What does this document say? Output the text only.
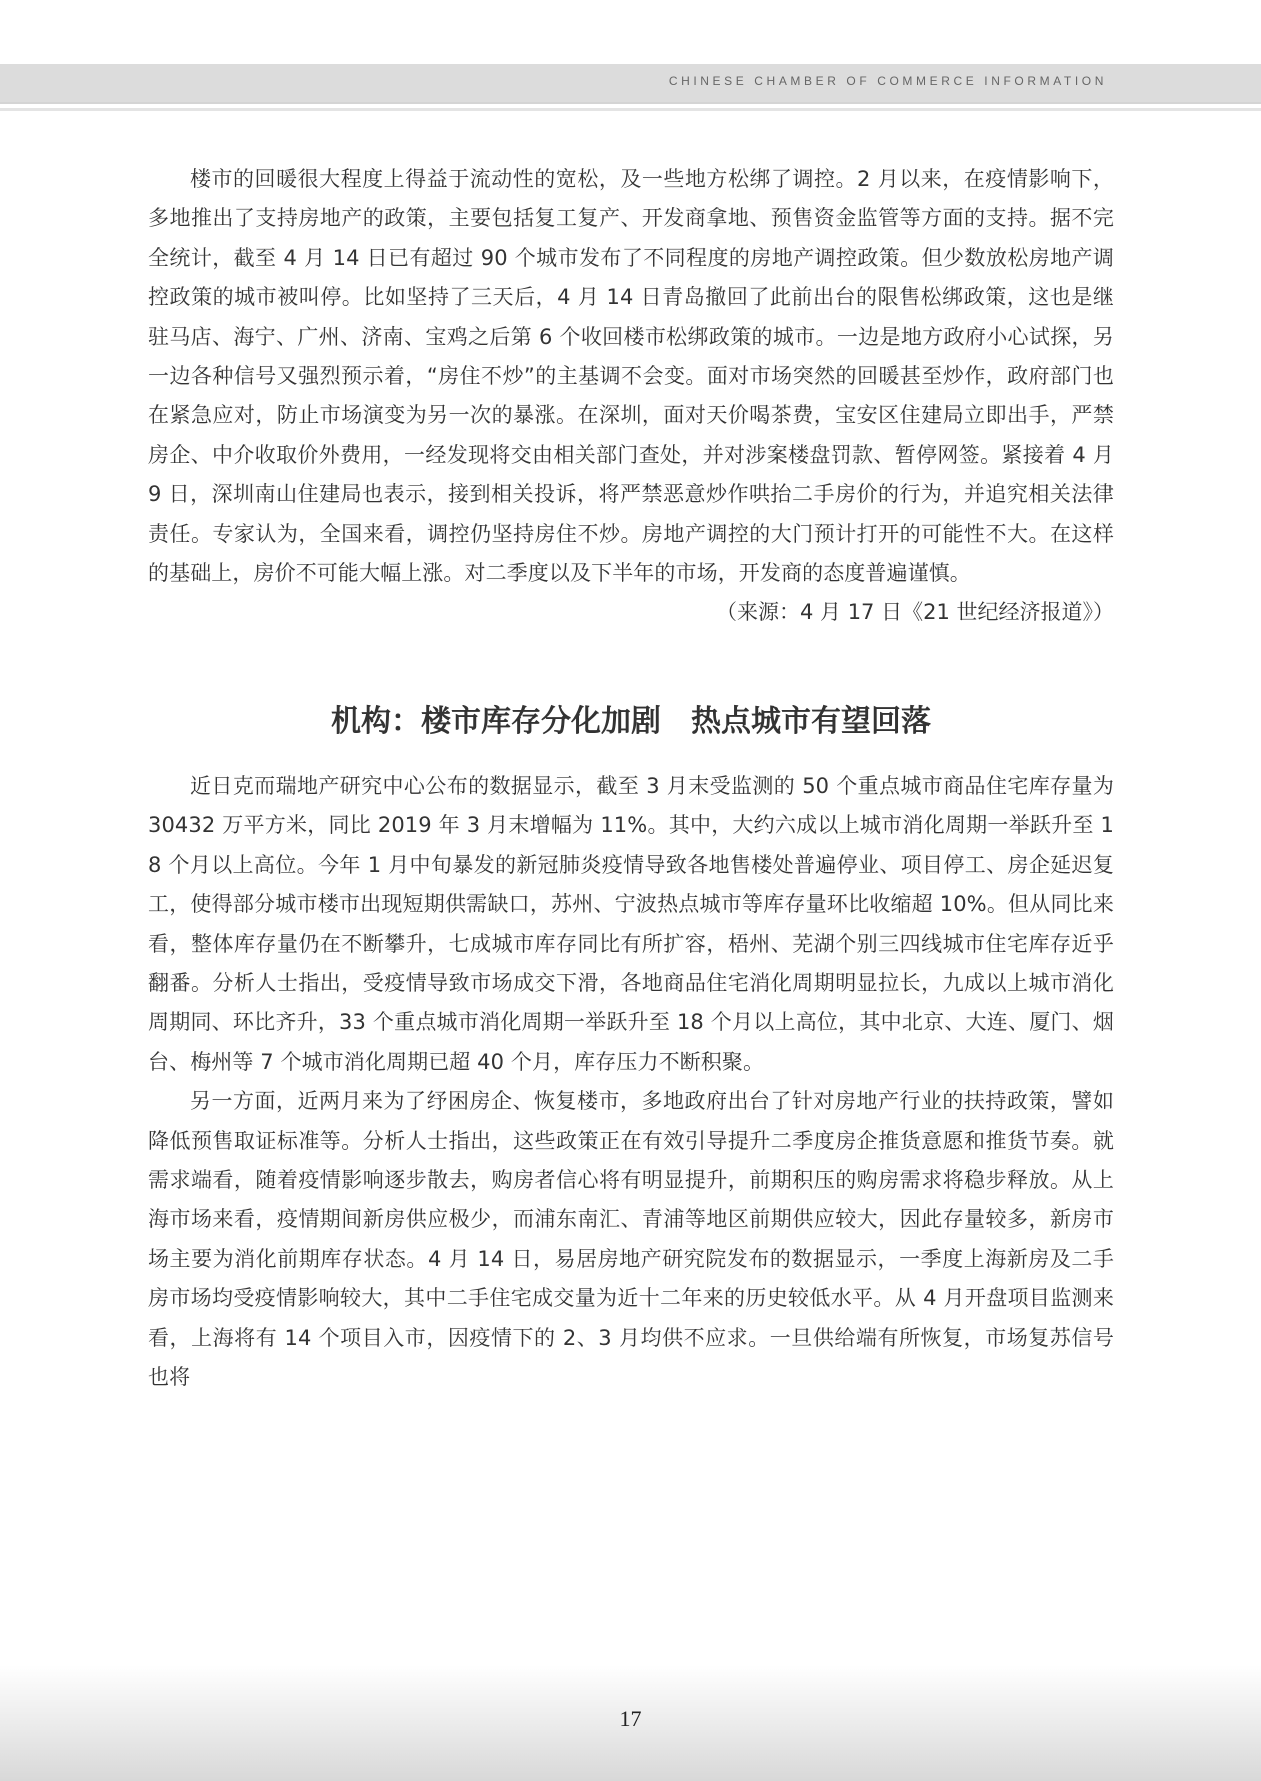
CHINESE CHAMBER OF COMMERCE INFORMATION

楼市的回暖很大程度上得益于流动性的宽松，及一些地方松绑了调控。2 月以来，在疫情影响下，多地推出了支持房地产的政策，主要包括复工复产、开发商拿地、预售资金监管等方面的支持。据不完全统计，截至 4 月 14 日已有超过 90 个城市发布了不同程度的房地产调控政策。但少数放松房地产调控政策的城市被叫停。比如坚持了三天后，4 月 14 日青岛撤回了此前出台的限售松绑政策，这也是继驻马店、海宁、广州、济南、宝鸡之后第 6 个收回楼市松绑政策的城市。一边是地方政府小心试探，另一边各种信号又强烈预示着，“房住不炒”的主基调不会变。面对市场突然的回暖甚至炒作，政府部门也在紧急应对，防止市场演变为另一次的暴涨。在深圳，面对天价喝茶费，宝安区住建局立即出手，严禁房企、中介收取价外费用，一经发现将交由相关部门查处，并对涉案楼盘罚款、暂停网签。紧接着 4 月 9 日，深圳南山住建局也表示，接到相关投诉，将严禁恶意炒作哄抬二手房价的行为，并追究相关法律责任。专家认为，全国来看，调控仍坚持房住不炒。房地产调控的大门预计打开的可能性不大。在这样的基础上，房价不可能大幅上涨。对二季度以及下半年的市场，开发商的态度普遍谨慎。

（来源：4 月 17 日《21 世纪经济报道》）

机构：楼市库存分化加剧　热点城市有望回落

近日克而瑞地产研究中心公布的数据显示，截至 3 月末受监测的 50 个重点城市商品住宅库存量为 30432 万平方米，同比 2019 年 3 月末增幅为 11%。其中，大约六成以上城市消化周期一举跃升至 18 个月以上高位。今年 1 月中旬暴发的新冠肺炎疫情导致各地售楼处普遍停业、项目停工、房企延迟复工，使得部分城市楼市出现短期供需缺口，苏州、宁波热点城市等库存量环比收缩超 10%。但从同比来看，整体库存量仍在不断攀升，七成城市库存同比有所扩容，梧州、芜湖个别三四线城市住宅库存近乎翻番。分析人士指出，受疫情导致市场成交下滑，各地商品住宅消化周期明显拉长，九成以上城市消化周期同、环比齐升，33 个重点城市消化周期一举跃升至 18 个月以上高位，其中北京、大连、厦门、烟台、梅州等 7 个城市消化周期已超 40 个月，库存压力不断积聚。

另一方面，近两月来为了纾困房企、恢复楼市，多地政府出台了针对房地产行业的扶持政策，譬如降低预售取证标准等。分析人士指出，这些政策正在有效引导提升二季度房企推货意愿和推货节奏。就需求端看，随着疫情影响逐步散去，购房者信心将有明显提升，前期积压的购房需求将稳步释放。从上海市场来看，疫情期间新房供应极少，而浦东南汇、青浦等地区前期供应较大，因此存量较多，新房市场主要为消化前期库存状态。4 月 14 日，易居房地产研究院发布的数据显示，一季度上海新房及二手房市场均受疫情影响较大，其中二手住宅成交量为近十二年来的历史较低水平。从 4 月开盘项目监测来看，上海将有 14 个项目入市，因疫情下的 2、3 月均供不应求。一旦供给端有所恢复，市场复苏信号也将

17
